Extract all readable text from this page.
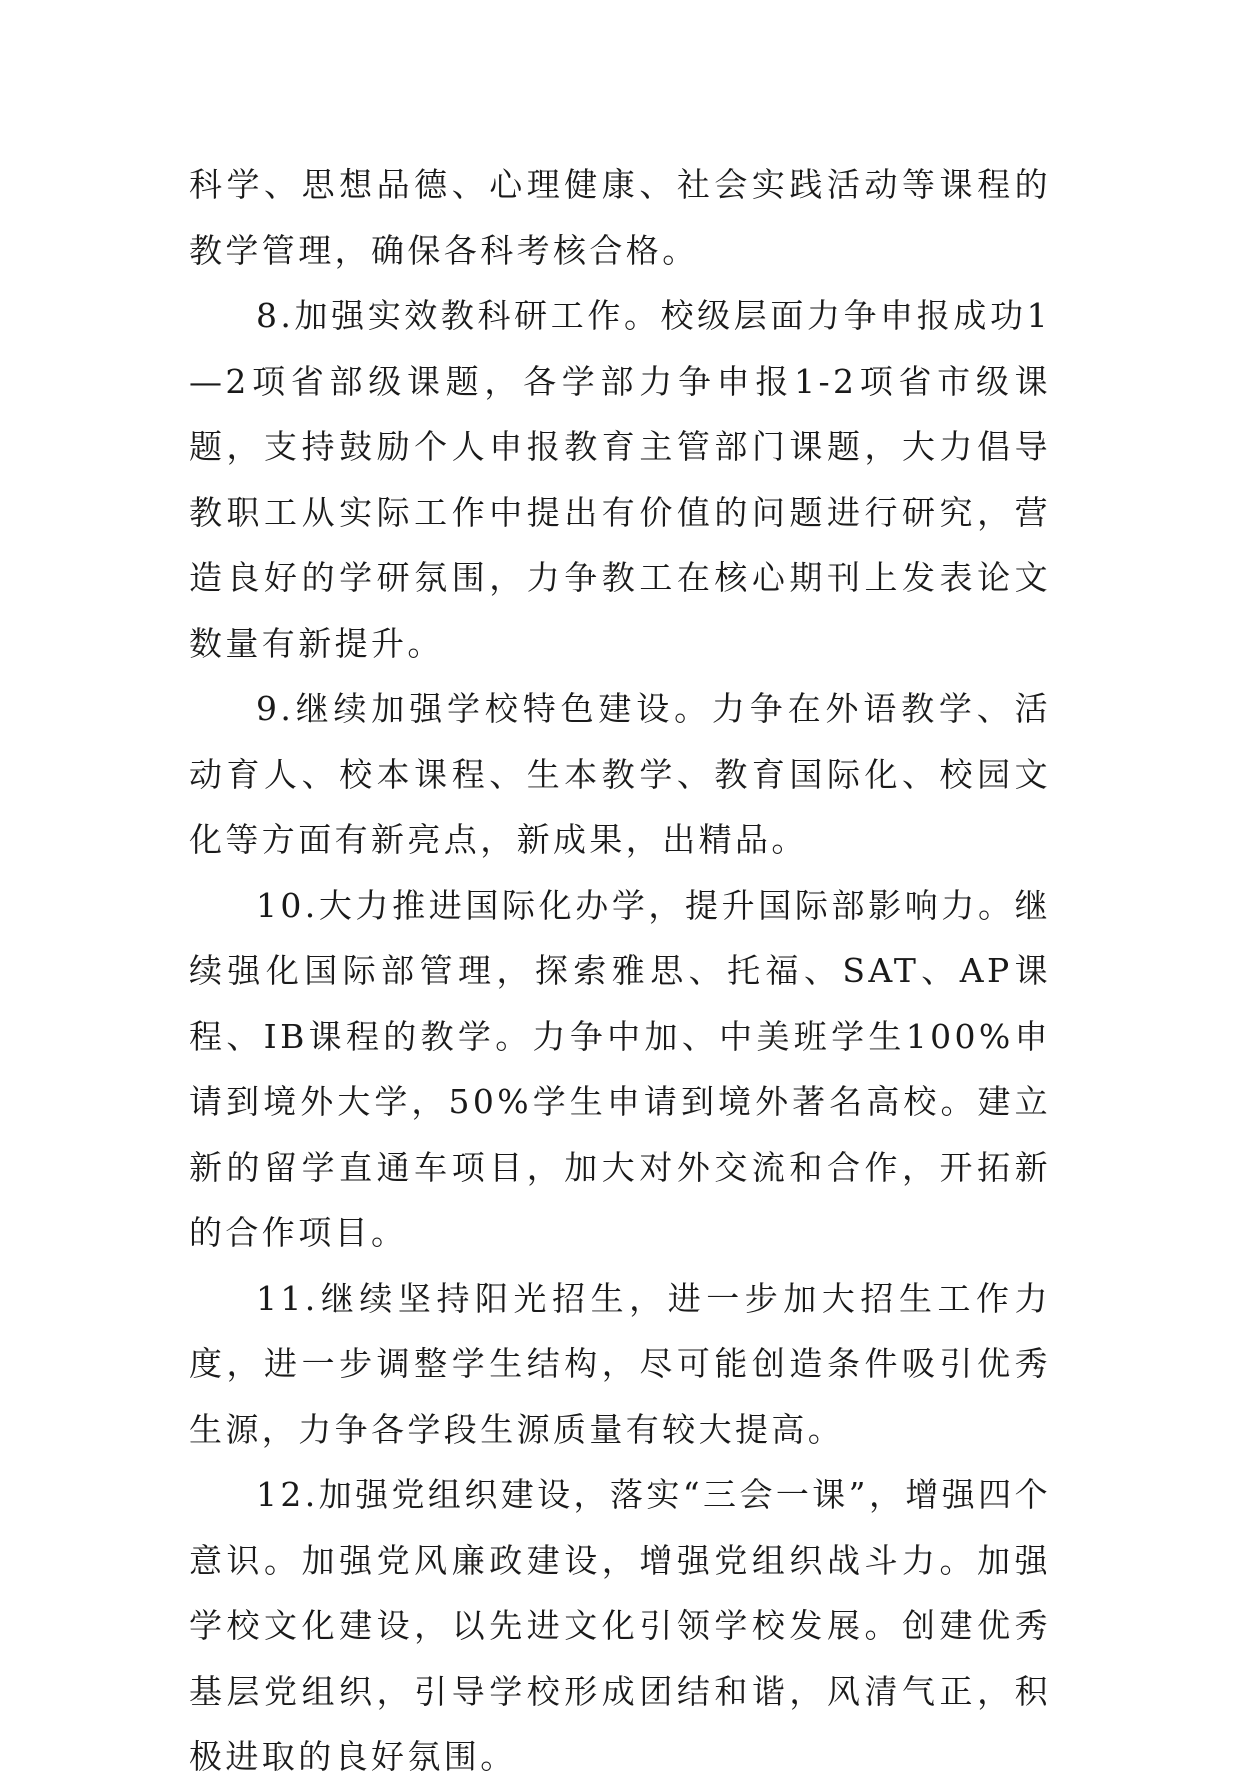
科学、思想品德、心理健康、社会实践活动等课程的教学管理，确保各科考核合格。

8.加强实效教科研工作。校级层面力争申报成功1—2项省部级课题，各学部力争申报1-2项省市级课题，支持鼓励个人申报教育主管部门课题，大力倡导教职工从实际工作中提出有价值的问题进行研究，营造良好的学研氛围，力争教工在核心期刊上发表论文数量有新提升。

9.继续加强学校特色建设。力争在外语教学、活动育人、校本课程、生本教学、教育国际化、校园文化等方面有新亮点，新成果，出精品。

10.大力推进国际化办学，提升国际部影响力。继续强化国际部管理，探索雅思、托福、SAT、AP课程、IB课程的教学。力争中加、中美班学生100%申请到境外大学，50%学生申请到境外著名高校。建立新的留学直通车项目，加大对外交流和合作，开拓新的合作项目。

11.继续坚持阳光招生，进一步加大招生工作力度，进一步调整学生结构，尽可能创造条件吸引优秀生源，力争各学段生源质量有较大提高。

12.加强党组织建设，落实“三会一课”，增强四个意识。加强党风廉政建设，增强党组织战斗力。加强学校文化建设，以先进文化引领学校发展。创建优秀基层党组织，引导学校形成团结和谐，风清气正，积极进取的良好氛围。
